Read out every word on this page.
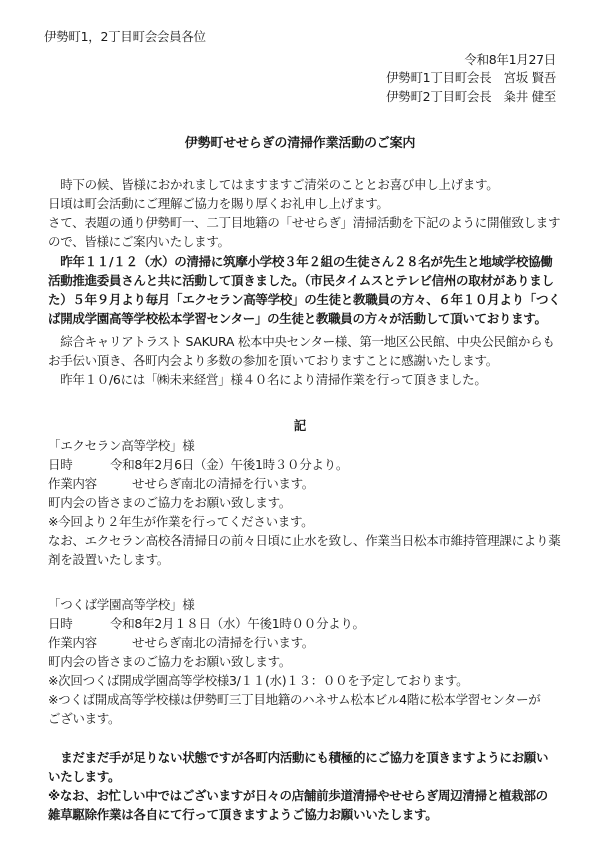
伊勢町1，2丁目町会会員各位
令和8年1月27日
伊勢町1丁目町会長　宮坂 賢吾
伊勢町2丁目町会長　粂井 健至
伊勢町せせらぎの清掃作業活動のご案内
　時下の候、皆様におかれましてはますますご清栄のこととお喜び申し上げます。
日頃は町会活動にご理解ご協力を賜り厚くお礼申し上げます。
さて、表題の通り伊勢町一、二丁目地籍の「せせらぎ」清掃活動を下記のように開催致します
ので、皆様にご案内いたします。
　昨年１１/１２（水）の清掃に筑摩小学校３年２組の生徒さん２８名が先生と地域学校協働
活動推進委員さんと共に活動して頂きました。（市民タイムスとテレビ信州の取材がありまし
た）５年９月より毎月「エクセラン高等学校」の生徒と教職員の方々、６年１０月より「つく
ば開成学園高等学校松本学習センター」の生徒と教職員の方々が活動して頂いております。
　綜合キャリアトラスト SAKURA 松本中央センター様、第一地区公民館、中央公民館からも
お手伝い頂き、各町内会より多数の参加を頂いておりますことに感謝いたします。
　昨年１０/6には「㈱未来経営」様４０名により清掃作業を行って頂きました。
記
「エクセラン高等学校」様
日時	令和8年2月6日（金）午後1時３０分より。
作業内容	せせらぎ南北の清掃を行います。
町内会の皆さまのご協力をお願い致します。
※今回より２年生が作業を行ってくださいます。
なお、エクセラン高校各清掃日の前々日頃に止水を致し、作業当日松本市維持管理課により薬
剤を設置いたします。
「つくば学園高等学校」様
日時	令和8年2月１８日（水）午後1時００分より。
作業内容	せせらぎ南北の清掃を行います。
町内会の皆さまのご協力をお願い致します。
※次回つくば開成学園高等学校様3/１１(水)１３：００を予定しております。
※つくば開成高等学校様は伊勢町三丁目地籍のハネサム松本ビル4階に松本学習センターが
ございます。
　まだまだ手が足りない状態ですが各町内活動にも積極的にご協力を頂きますようにお願い
いたします。
※なお、お忙しい中ではございますが日々の店舗前歩道清掃やせせらぎ周辺清掃と植栽部の
雑草駆除作業は各自にて行って頂きますようご協力お願いいたします。
